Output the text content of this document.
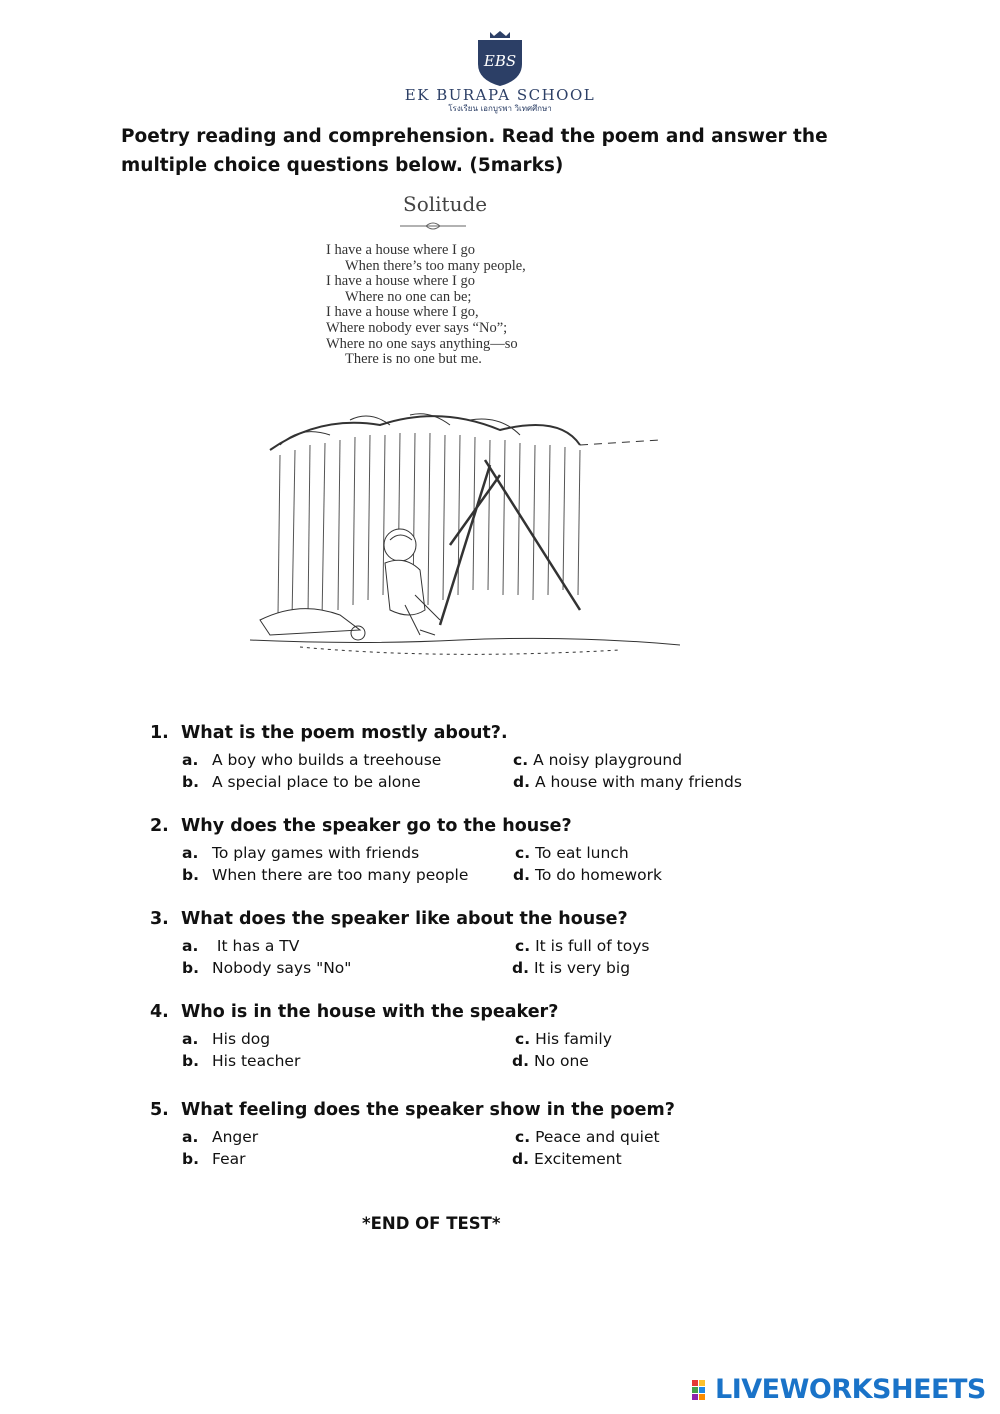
EBS
EK BURAPA SCHOOL
โรงเรียน เอกบูรพา วิเทศศึกษา
Poetry reading and comprehension. Read the poem and answer the multiple choice questions below. (5marks)
Solitude
I have a house where I go
When there’s too many people,
I have a house where I go
Where no one can be;
I have a house where I go,
Where nobody ever says “No”;
Where no one says anything—so
There is no one but me.
1. What is the poem mostly about?.
a. A boy who builds a treehouse	c. A noisy playground
b. A special place to be alone	d. A house with many friends
2. Why does the speaker go to the house?
a. To play games with friends	c. To eat lunch
b. When there are too many people	d. To do homework
3. What does the speaker like about the house?
a. It has a TV	c. It is full of toys
b. Nobody says "No"	d. It is very big
4. Who is in the house with the speaker?
a. His dog	c. His family
b. His teacher	d. No one
5. What feeling does the speaker show in the poem?
a. Anger	c. Peace and quiet
b. Fear	d. Excitement
*END OF TEST*
LIVEWORKSHEETS
